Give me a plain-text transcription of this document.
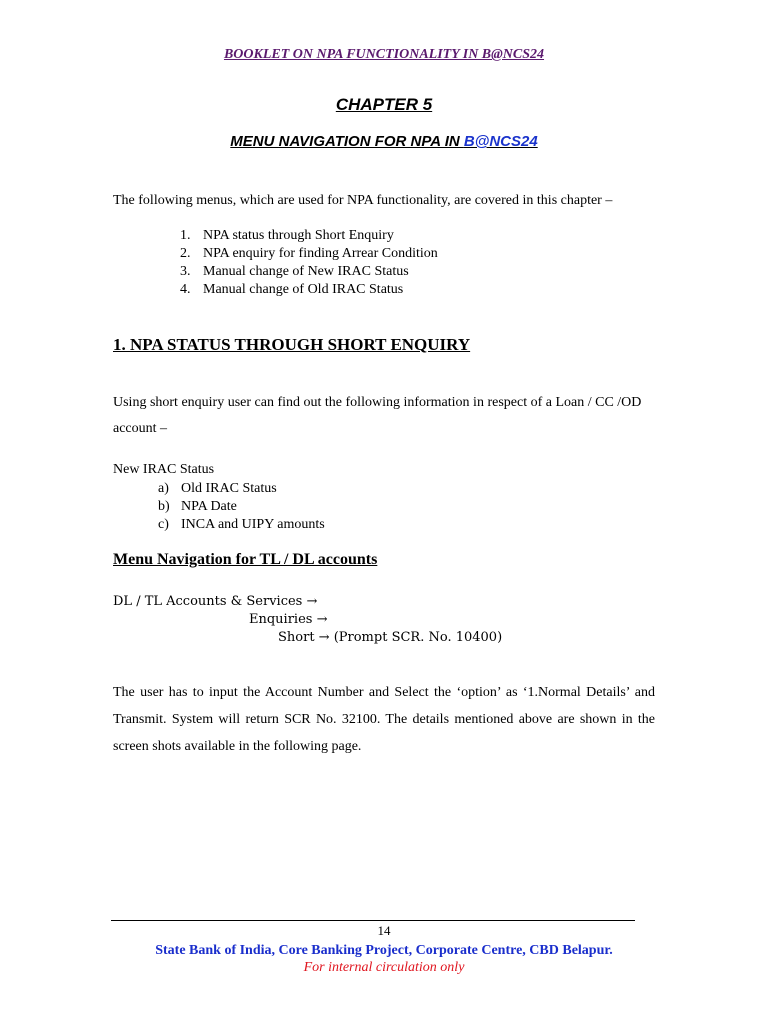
BOOKLET ON NPA FUNCTIONALITY IN B@NCS24
CHAPTER 5
MENU NAVIGATION FOR NPA IN B@NCS24
The following menus, which are used for NPA functionality, are covered in this chapter –
1. NPA status through Short Enquiry
2. NPA enquiry for finding Arrear Condition
3. Manual change of New IRAC Status
4. Manual change of Old IRAC Status
1. NPA STATUS THROUGH SHORT ENQUIRY
Using short enquiry user can find out the following information in respect of a Loan / CC /OD account –
New IRAC Status
a) Old IRAC Status
b) NPA Date
c) INCA and UIPY amounts
Menu Navigation for TL / DL accounts
DL / TL Accounts & Services →
Enquiries →
Short → (Prompt SCR. No. 10400)
The user has to input the Account Number and Select the ‘option’ as ‘1.Normal Details’ and Transmit. System will return SCR No. 32100. The details mentioned above are shown in the screen shots available in the following page.
14
State Bank of India, Core Banking Project, Corporate Centre, CBD Belapur.
For internal circulation only
